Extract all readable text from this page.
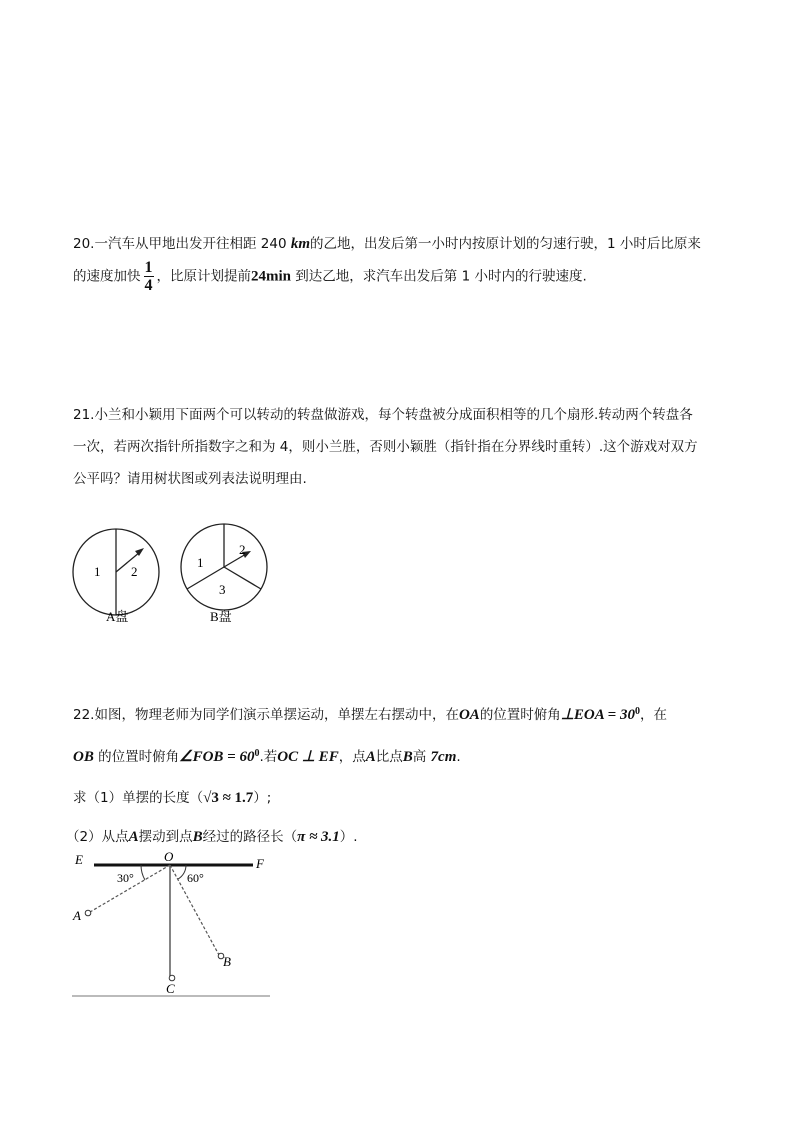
20.一汽车从甲地出发开往相距 240 km的乙地，出发后第一小时内按原计划的匀速行驶，1 小时后比原来
的速度加快 $\frac{1}{4}$ ，比原计划提前24min 到达乙地，求汽车出发后第 1 小时内的行驶速度.
21.小兰和小颖用下面两个可以转动的转盘做游戏，每个转盘被分成面积相等的几个扇形.转动两个转盘各
一次，若两次指针所指数字之和为 4，则小兰胜，否则小颖胜（指针指在分界线时重转）.这个游戏对双方
公平吗？请用树状图或列表法说明理由.
1 2
A盘
1
2
3
B盘
22.如图，物理老师为同学们演示单摆运动，单摆左右摆动中，在OA的位置时俯角⊥EOA = $30^0$，在
OB 的位置时俯角∠FOB = $60^0$.若OC ⊥ EF，点A比点B高 7cm.
求（1）单摆的长度（√3 ≈ 1.7）;
（2）从点A摆动到点B经过的路径长（π ≈ 3.1）.
E	O	F
A
B
C
30°	60°
